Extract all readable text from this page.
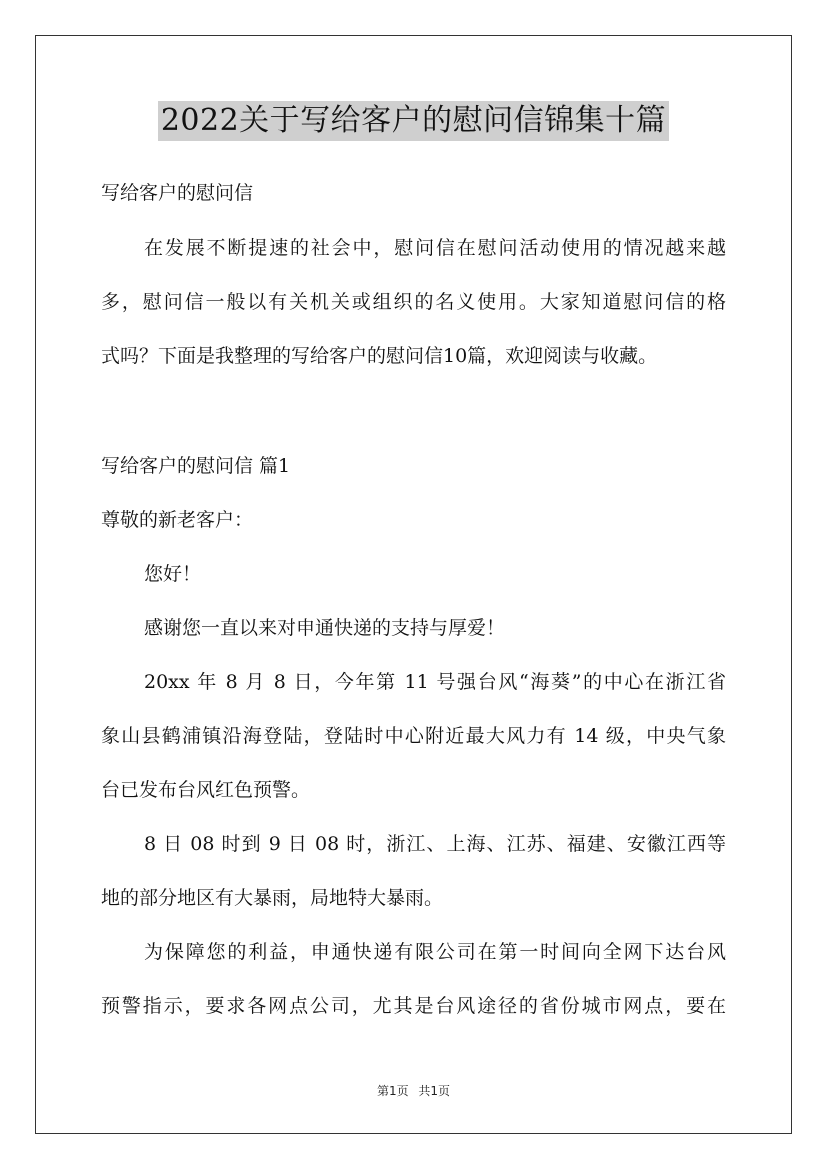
2022关于写给客户的慰问信锦集十篇
写给客户的慰问信
在发展不断提速的社会中，慰问信在慰问活动使用的情况越来越
多，慰问信一般以有关机关或组织的名义使用。大家知道慰问信的格
式吗？下面是我整理的写给客户的慰问信10篇，欢迎阅读与收藏。
写给客户的慰问信 篇1
尊敬的新老客户：
您好！
感谢您一直以来对申通快递的支持与厚爱！
20xx 年 8 月 8 日，今年第 11 号强台风“海葵”的中心在浙江省
象山县鹤浦镇沿海登陆，登陆时中心附近最大风力有 14 级，中央气象
台已发布台风红色预警。
8 日 08 时到 9 日 08 时，浙江、上海、江苏、福建、安徽江西等
地的部分地区有大暴雨，局地特大暴雨。
为保障您的利益，申通快递有限公司在第一时间向全网下达台风
预警指示，要求各网点公司，尤其是台风途径的省份城市网点，要在
第1页 共1页
